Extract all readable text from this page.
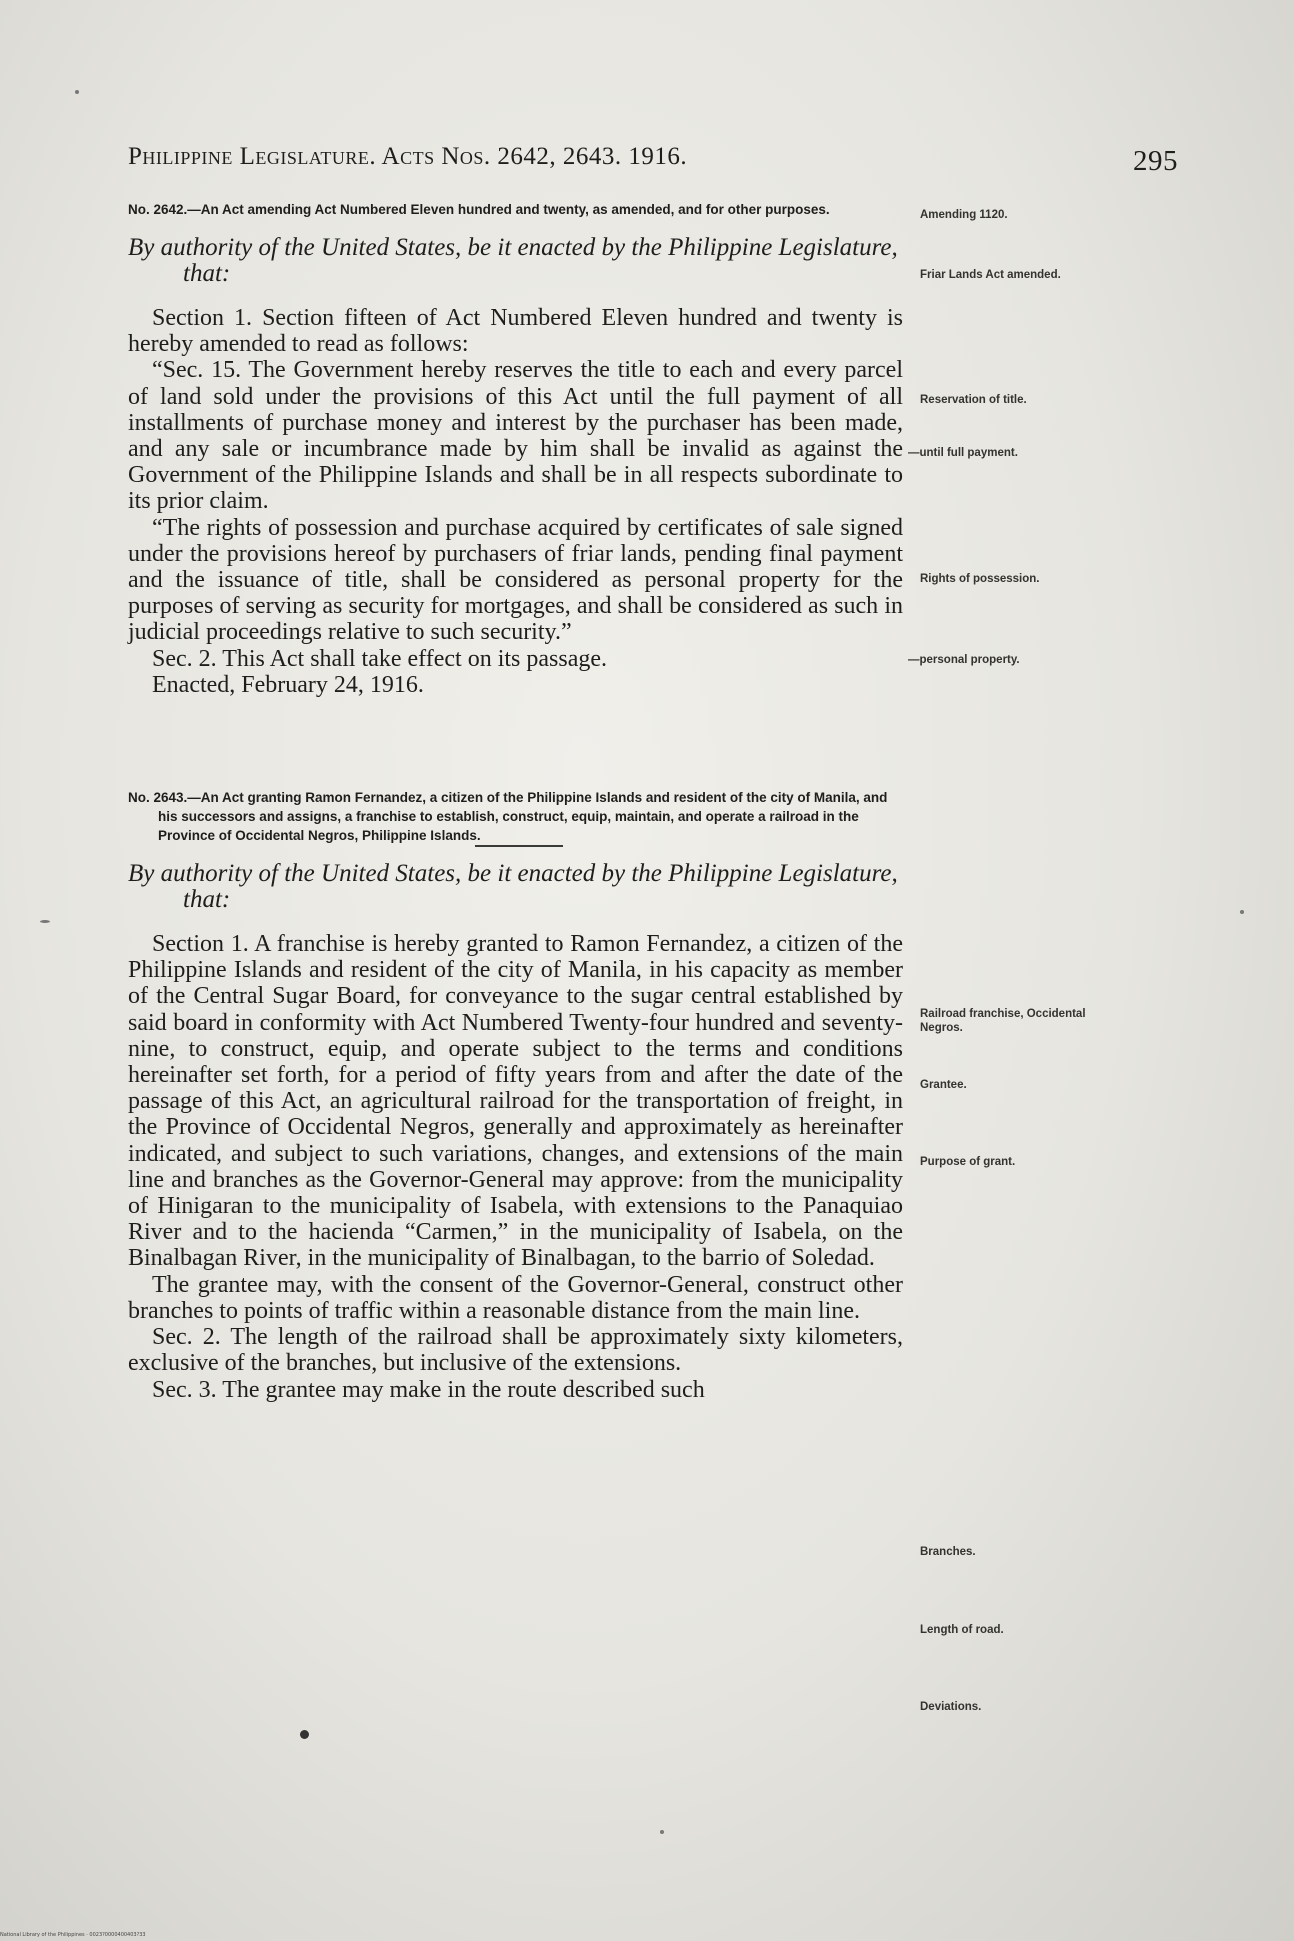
Philippine Legislature. Acts Nos. 2642, 2643. 1916.	295

No. 2642.—An Act amending Act Numbered Eleven hundred and twenty, as amended, and for other purposes.

By authority of the United States, be it enacted by the Philippine Legislature, that:

Section 1. Section fifteen of Act Numbered Eleven hundred and twenty is hereby amended to read as follows:

“Sec. 15. The Government hereby reserves the title to each and every parcel of land sold under the provisions of this Act until the full payment of all installments of purchase money and interest by the purchaser has been made, and any sale or incumbrance made by him shall be invalid as against the Government of the Philippine Islands and shall be in all respects subordinate to its prior claim.

“The rights of possession and purchase acquired by certificates of sale signed under the provisions hereof by purchasers of friar lands, pending final payment and the issuance of title, shall be considered as personal property for the purposes of serving as security for mortgages, and shall be considered as such in judicial proceedings relative to such security.”

Sec. 2. This Act shall take effect on its passage.

Enacted, February 24, 1916.

No. 2643.—An Act granting Ramon Fernandez, a citizen of the Philippine Islands and resident of the city of Manila, and his successors and assigns, a franchise to establish, construct, equip, maintain, and operate a railroad in the Province of Occidental Negros, Philippine Islands.

By authority of the United States, be it enacted by the Philippine Legislature, that:

Section 1. A franchise is hereby granted to Ramon Fernandez, a citizen of the Philippine Islands and resident of the city of Manila, in his capacity as member of the Central Sugar Board, for conveyance to the sugar central established by said board in conformity with Act Numbered Twenty-four hundred and seventy-nine, to construct, equip, and operate subject to the terms and conditions hereinafter set forth, for a period of fifty years from and after the date of the passage of this Act, an agricultural railroad for the transportation of freight, in the Province of Occidental Negros, generally and approximately as hereinafter indicated, and subject to such variations, changes, and extensions of the main line and branches as the Governor-General may approve: from the municipality of Hinigaran to the municipality of Isabela, with extensions to the Panaquiao River and to the hacienda “Carmen,” in the municipality of Isabela, on the Binalbagan River, in the municipality of Binalbagan, to the barrio of Soledad.

The grantee may, with the consent of the Governor-General, construct other branches to points of traffic within a reasonable distance from the main line.

Sec. 2. The length of the railroad shall be approximately sixty kilometers, exclusive of the branches, but inclusive of the extensions.

Sec. 3. The grantee may make in the route described such

Amending 1120.
Friar Lands Act amended.
Reservation of title.
—until full payment.
Rights of possession.
—personal property.
Railroad franchise, Occidental Negros.
Grantee.
Purpose of grant.
Branches.
Length of road.
Deviations.
National Library of the Philippines · 0023?0000400403?33
